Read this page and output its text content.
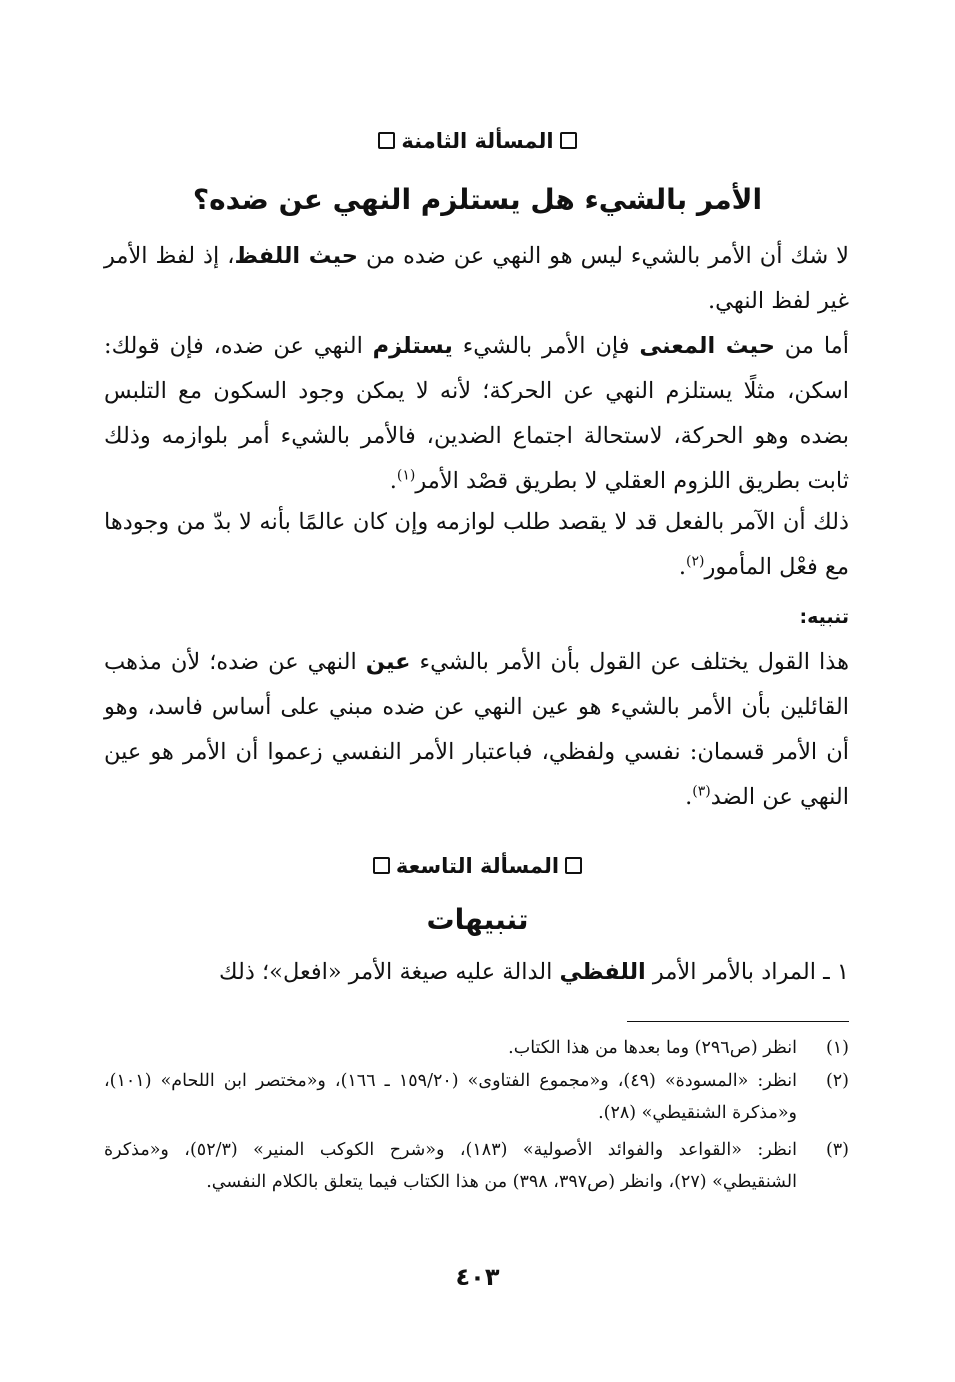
المسألة الثامنة
الأمر بالشيء هل يستلزم النهي عن ضده؟
لا شك أن الأمر بالشيء ليس هو النهي عن ضده من حيث اللفظ، إذ لفظ الأمر غير لفظ النهي.
أما من حيث المعنى فإن الأمر بالشيء يستلزم النهي عن ضده، فإن قولك: اسكن، مثلًا يستلزم النهي عن الحركة؛ لأنه لا يمكن وجود السكون مع التلبس بضده وهو الحركة، لاستحالة اجتماع الضدين، فالأمر بالشيء أمر بلوازمه وذلك ثابت بطريق اللزوم العقلي لا بطريق قصْد الأمر$^{(١)}$.
ذلك أن الآمر بالفعل قد لا يقصد طلب لوازمه وإن كان عالمًا بأنه لا بدّ من وجودها مع فعْل المأمور$^{(٢)}$.
تنبيه:
هذا القول يختلف عن القول بأن الأمر بالشيء عين النهي عن ضده؛ لأن مذهب القائلين بأن الأمر بالشيء هو عين النهي عن ضده مبني على أساس فاسد، وهو أن الأمر قسمان: نفسي ولفظي، فباعتبار الأمر النفسي زعموا أن الأمر هو عين النهي عن الضد$^{(٣)}$.
المسألة التاسعة
تنبيهات
١ ـ المراد بالأمر الأمر اللفظي الدالة عليه صيغة الأمر «افعل»؛ ذلك
(١)
انظر (ص٢٩٦) وما بعدها من هذا الكتاب.
(٢)
انظر: «المسودة» (٤٩)، و«مجموع الفتاوى» (١٥٩/٢٠ ـ ١٦٦)، و«مختصر ابن اللحام» (١٠١)، و«مذكرة الشنقيطي» (٢٨).
(٣)
انظر: «القواعد والفوائد الأصولية» (١٨٣)، و«شرح الكوكب المنير» (٥٢/٣)، و«مذكرة الشنقيطي» (٢٧)، وانظر (ص٣٩٧، ٣٩٨) من هذا الكتاب فيما يتعلق بالكلام النفسي.
٤٠٣
